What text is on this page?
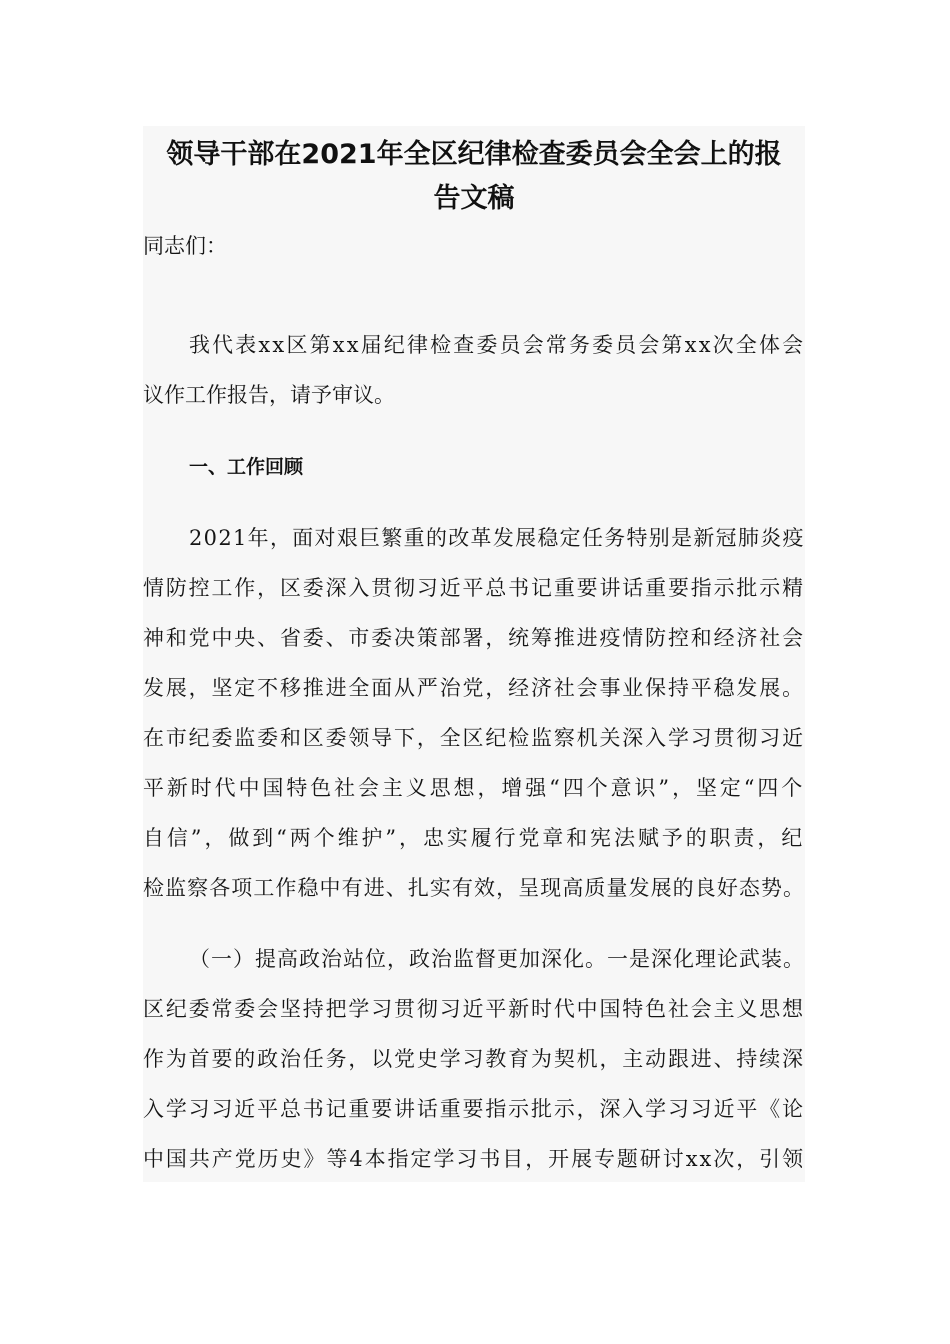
领导干部在2021年全区纪律检查委员会全会上的报
告文稿
同志们：
我代表xx区第xx届纪律检查委员会常务委员会第xx次全体会
议作工作报告，请予审议。
一、工作回顾
2021年，面对艰巨繁重的改革发展稳定任务特别是新冠肺炎疫
情防控工作，区委深入贯彻习近平总书记重要讲话重要指示批示精
神和党中央、省委、市委决策部署，统筹推进疫情防控和经济社会
发展，坚定不移推进全面从严治党，经济社会事业保持平稳发展。
在市纪委监委和区委领导下，全区纪检监察机关深入学习贯彻习近
平新时代中国特色社会主义思想，增强“四个意识”，坚定“四个
自信”，做到“两个维护”，忠实履行党章和宪法赋予的职责，纪
检监察各项工作稳中有进、扎实有效，呈现高质量发展的良好态势。
（一）提高政治站位，政治监督更加深化。一是深化理论武装。
区纪委常委会坚持把学习贯彻习近平新时代中国特色社会主义思想
作为首要的政治任务，以党史学习教育为契机，主动跟进、持续深
入学习习近平总书记重要讲话重要指示批示，深入学习习近平《论
中国共产党历史》等4本指定学习书目，开展专题研讨xx次，引领
